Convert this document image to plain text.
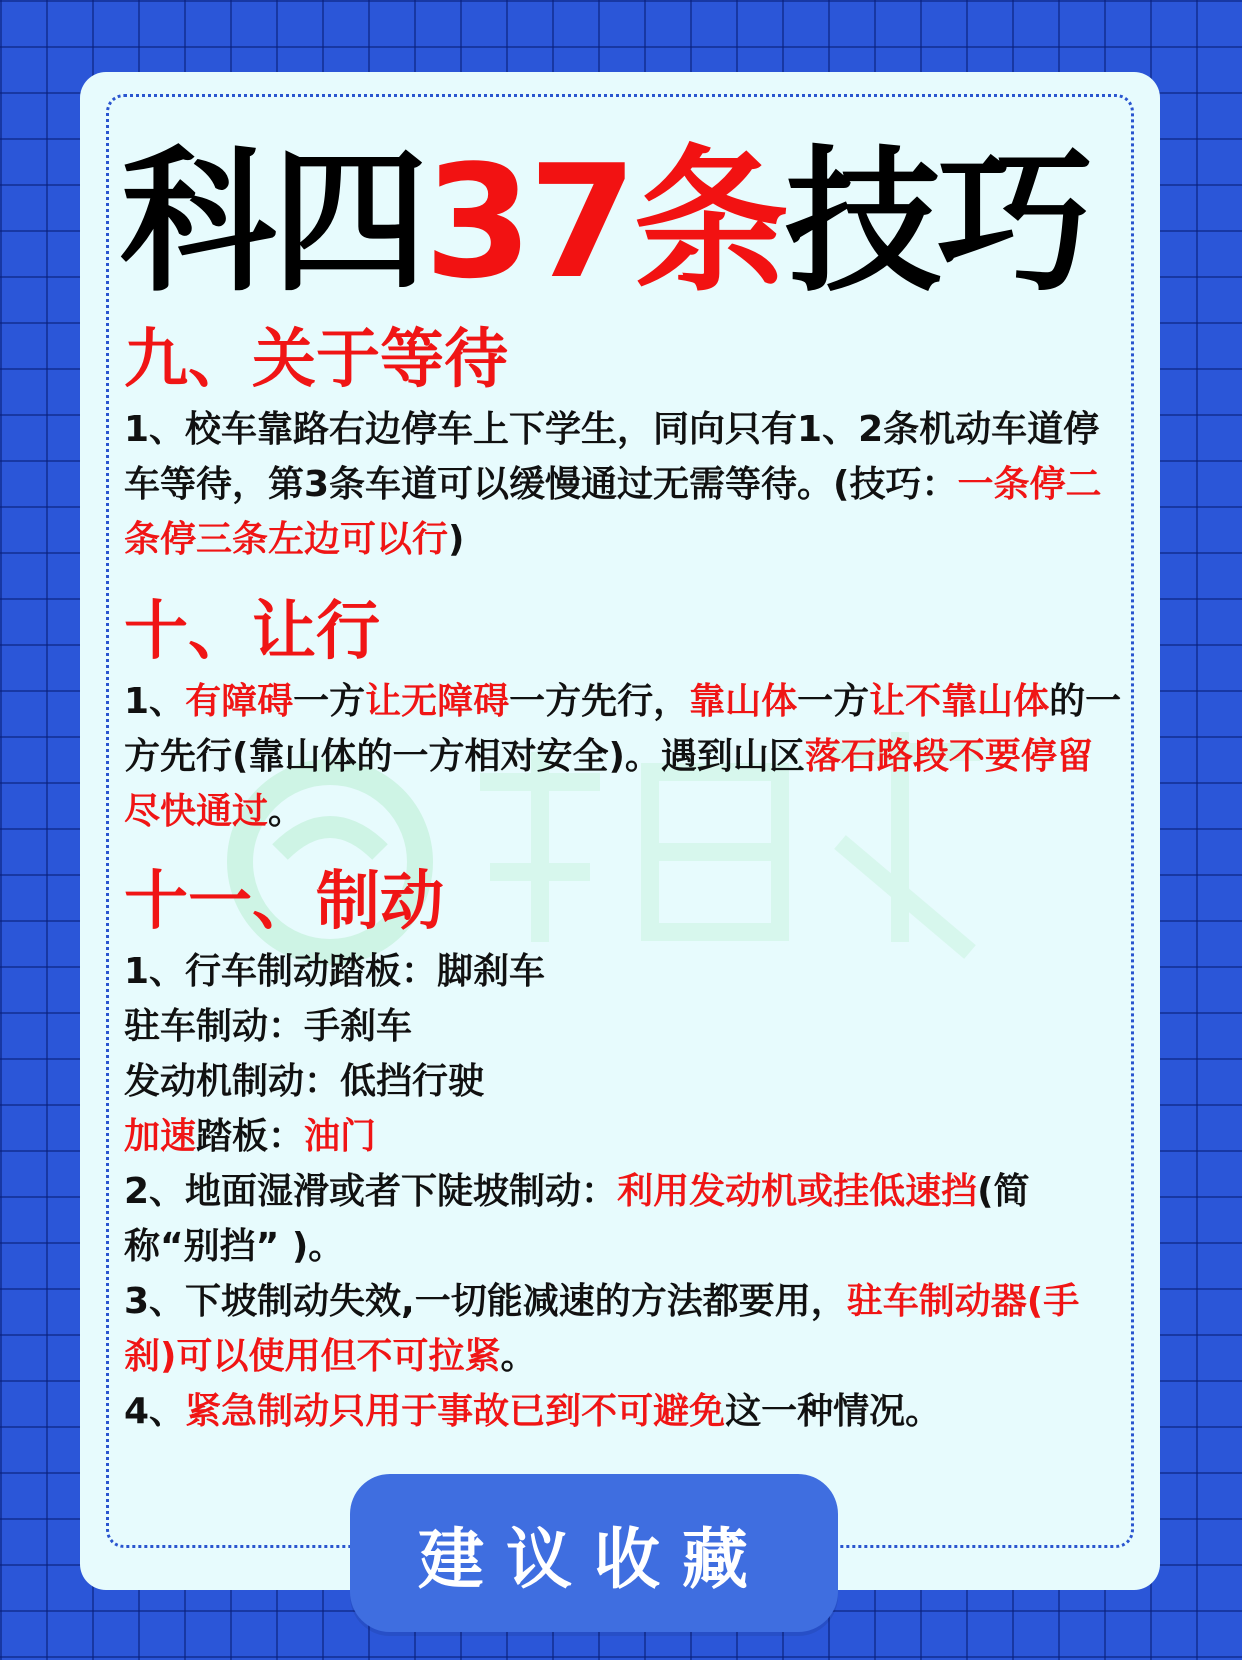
科四37条技巧
九、关于等待
1、校车靠路右边停车上下学生，同向只有1、2条机动车道停车等待，第3条车道可以缓慢通过无需等待。(技巧：一条停二条停三条左边可以行)
十、让行
1、有障碍一方让无障碍一方先行，靠山体一方让不靠山体的一方先行(靠山体的一方相对安全)。遇到山区落石路段不要停留尽快通过。
十一、制动
1、行车制动踏板：脚刹车
驻车制动：手刹车
发动机制动：低挡行驶
加速踏板：油门
2、地面湿滑或者下陡坡制动：利用发动机或挂低速挡(简称“别挡” )。
3、下坡制动失效,一切能减速的方法都要用，驻车制动器(手刹)可以使用但不可拉紧。
4、紧急制动只用于事故已到不可避免这一种情况。
建议收藏
